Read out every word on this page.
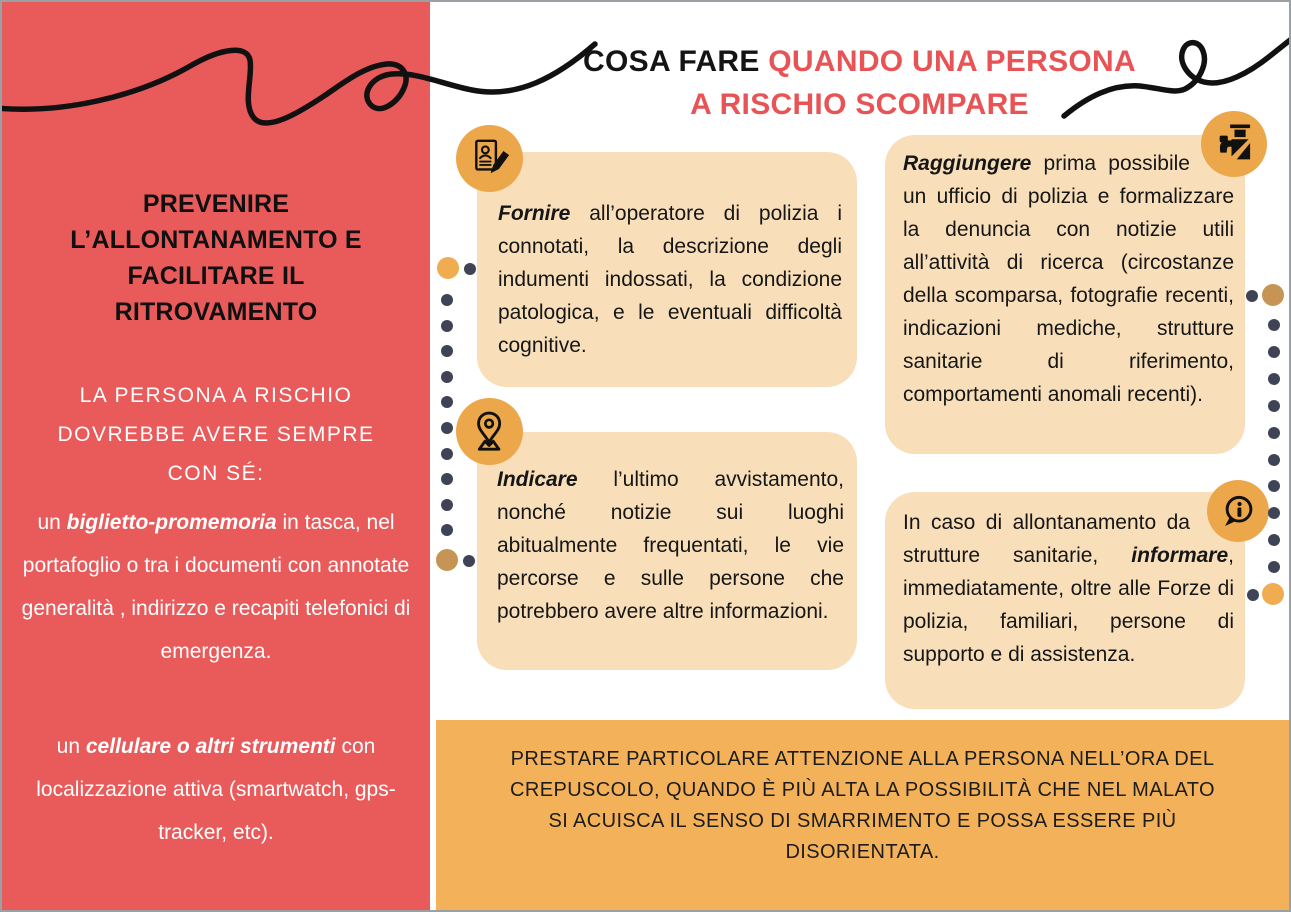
PREVENIRE L’ALLONTANAMENTO E FACILITARE IL RITROVAMENTO

LA PERSONA A RISCHIO DOVREBBE AVERE SEMPRE CON SÉ:

un biglietto-promemoria in tasca, nel portafoglio o tra i documenti con annotate generalità , indirizzo e recapiti telefonici di emergenza.

un cellulare o altri strumenti con localizzazione attiva (smartwatch, gps-tracker, etc).

COSA FARE QUANDO UNA PERSONA
A RISCHIO SCOMPARE
Fornire all’operatore di polizia i connotati, la descrizione degli indumenti indossati, la condizione patologica, e le eventuali difficoltà cognitive.
Indicare l’ultimo avvistamento, nonché notizie sui luoghi abitualmente frequentati, le vie percorse e sulle persone che potrebbero avere altre informazioni.
Raggiungere prima possibile un ufficio di polizia e formalizzare la denuncia con notizie utili all’attività di ricerca (circostanze della scomparsa, fotografie recenti, indicazioni mediche, strutture sanitarie di riferimento, comportamenti anomali recenti).
In caso di allontanamento da strutture sanitarie, informare, immediatamente, oltre alle Forze di polizia, familiari, persone di supporto e di assistenza.

PRESTARE PARTICOLARE ATTENZIONE ALLA PERSONA NELL’ORA DEL CREPUSCOLO, QUANDO È PIÙ ALTA LA POSSIBILITÀ CHE NEL MALATO SI ACUISCA IL SENSO DI SMARRIMENTO E POSSA ESSERE PIÙ DISORIENTATA.
